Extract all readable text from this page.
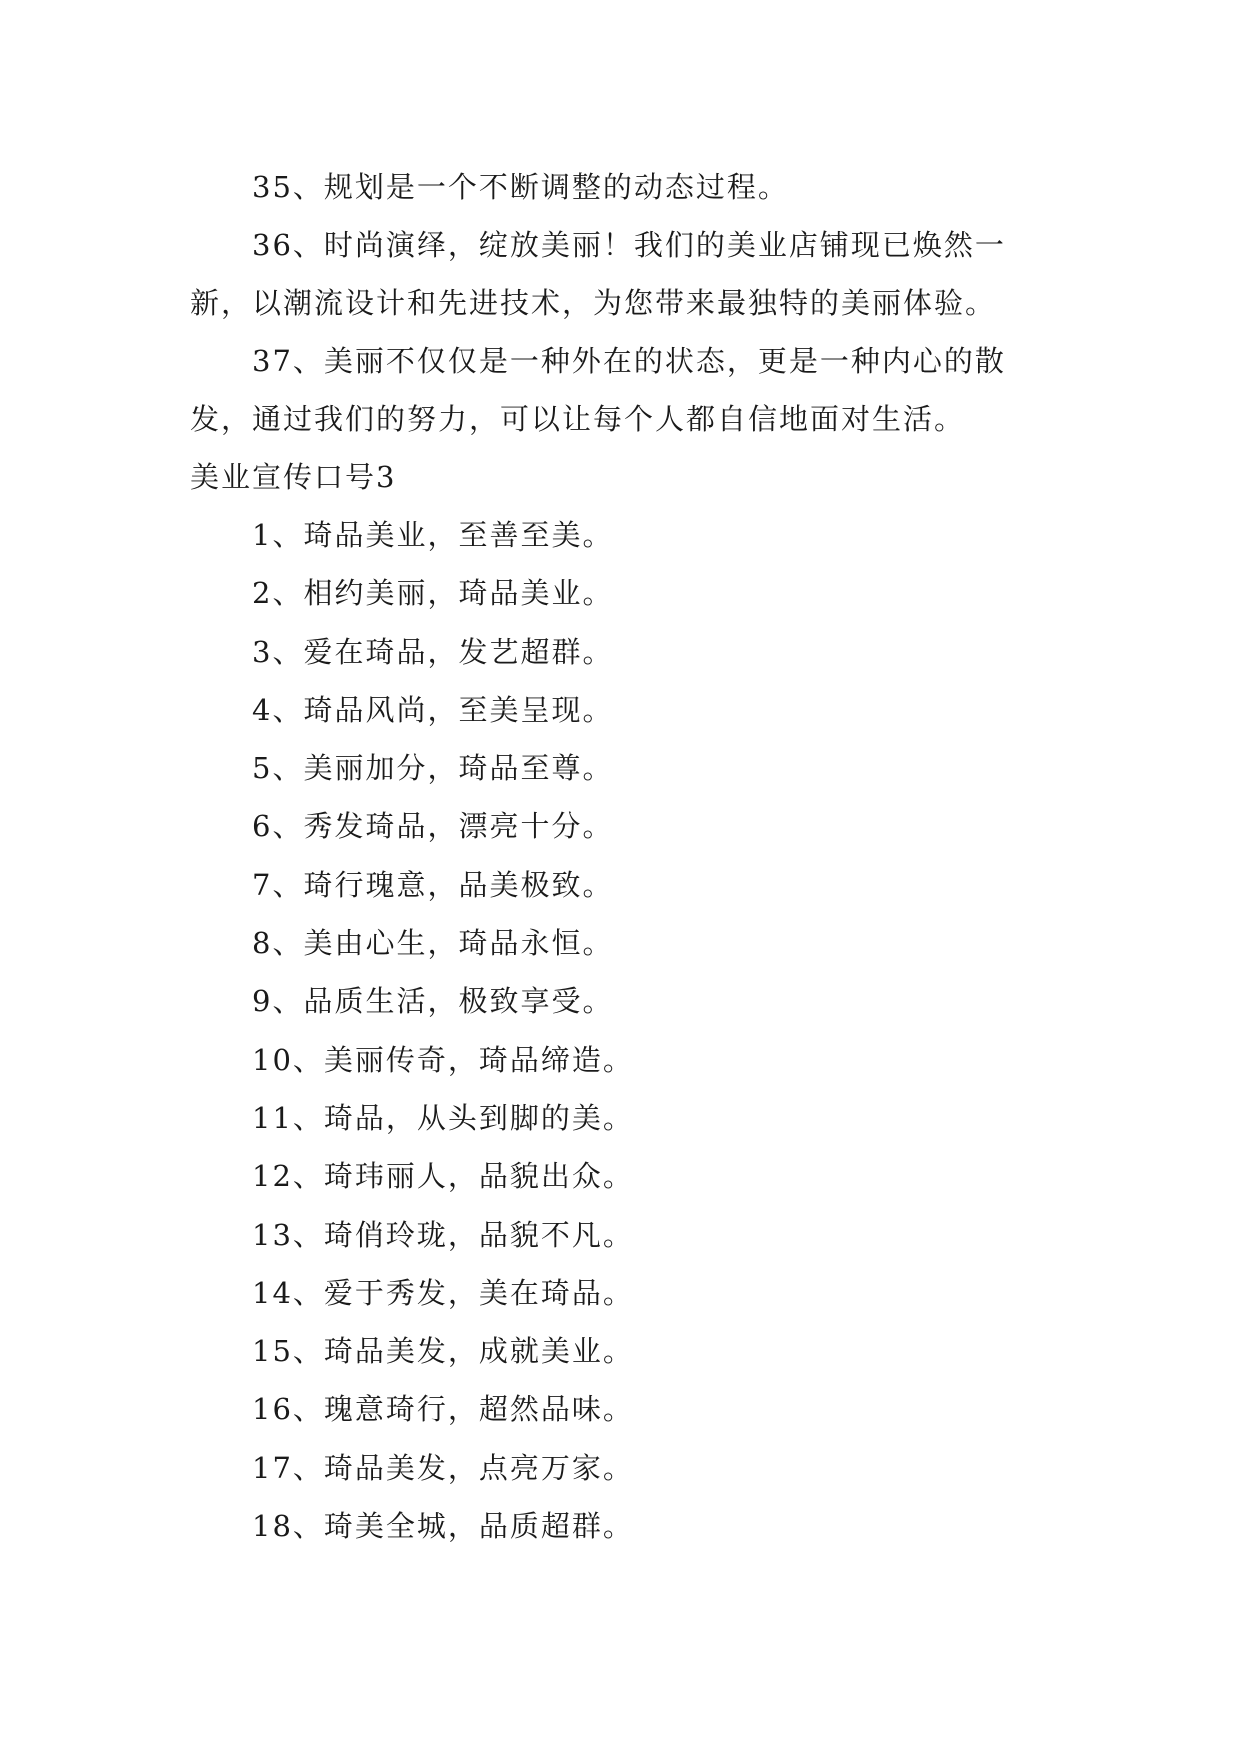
35、规划是一个不断调整的动态过程。

36、时尚演绎，绽放美丽！我们的美业店铺现已焕然一
新，以潮流设计和先进技术，为您带来最独特的美丽体验。

37、美丽不仅仅是一种外在的状态，更是一种内心的散
发，通过我们的努力，可以让每个人都自信地面对生活。

美业宣传口号3

1、琦品美业，至善至美。

2、相约美丽，琦品美业。

3、爱在琦品，发艺超群。

4、琦品风尚，至美呈现。

5、美丽加分，琦品至尊。

6、秀发琦品，漂亮十分。

7、琦行瑰意，品美极致。

8、美由心生，琦品永恒。

9、品质生活，极致享受。

10、美丽传奇，琦品缔造。

11、琦品，从头到脚的美。

12、琦玮丽人，品貌出众。

13、琦俏玲珑，品貌不凡。

14、爱于秀发，美在琦品。

15、琦品美发，成就美业。

16、瑰意琦行，超然品味。

17、琦品美发，点亮万家。

18、琦美全城，品质超群。
